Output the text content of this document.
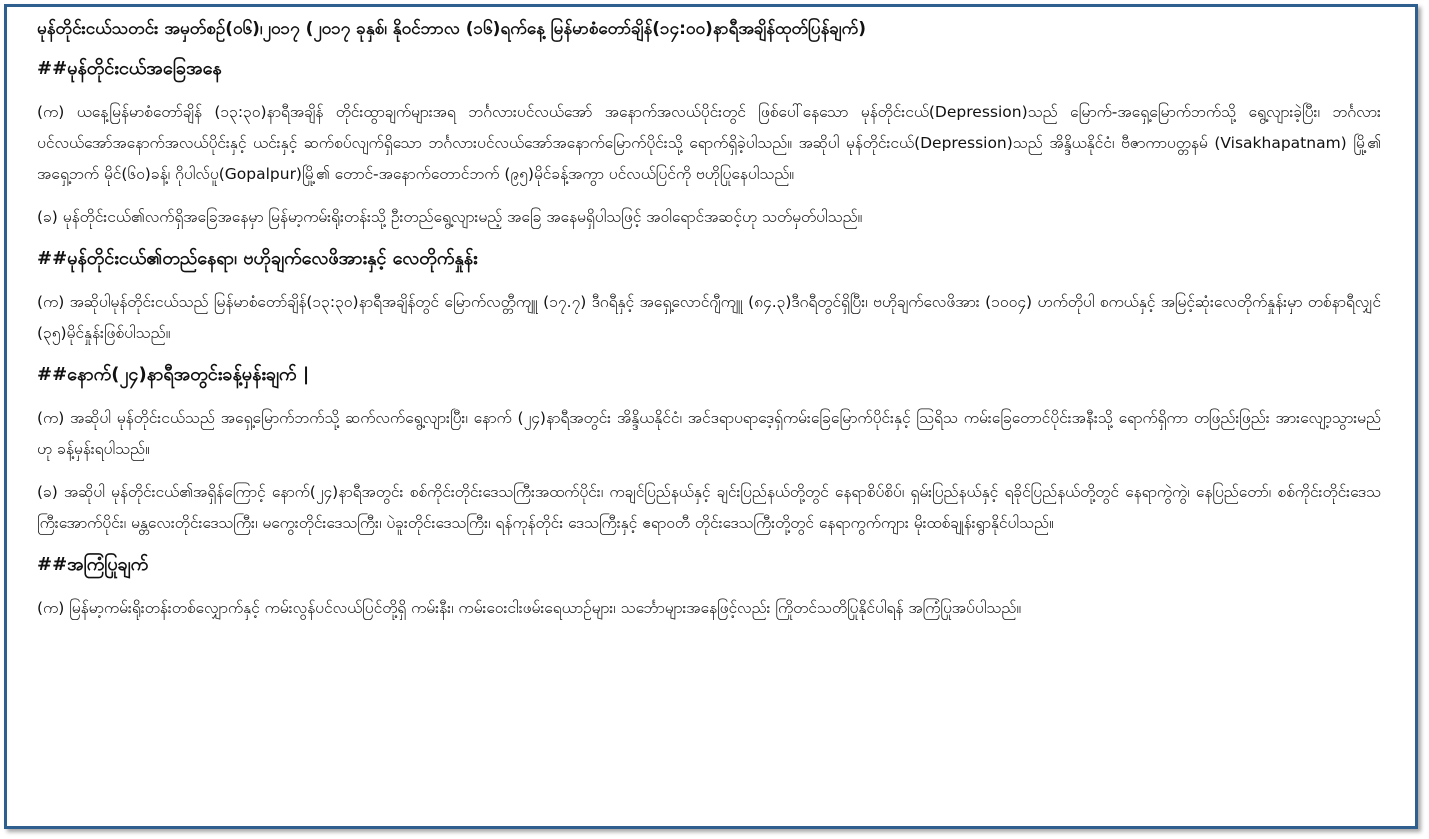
မုန်တိုင်းငယ်သတင်း အမှတ်စဉ်(၀၆)၊၂၀၁၇ (၂၀၁၇ ခုနှစ်၊ နိုဝင်ဘာလ (၁၆)ရက်နေ့ မြန်မာစံတော်ချိန်(၁၄:၀၀)နာရီအချိန်ထုတ်ပြန်ချက်)
##မုန်တိုင်းငယ်အခြေအနေ

(က) ယနေ့မြန်မာစံတော်ချိန် (၁၃:၃၀)နာရီအချိန် တိုင်းထွာချက်များအရ ဘင်္ဂလားပင်လယ်အော် အနောက်အလယ်ပိုင်းတွင် ဖြစ်ပေါ်နေသော မုန်တိုင်းငယ်(Depression)သည် မြောက်-အရှေ့မြောက်ဘက်သို့ ရွေ့လျားခဲ့ပြီး၊ ဘင်္ဂလားပင်လယ်အော်အနောက်အလယ်ပိုင်းနှင့် ယင်းနှင့် ဆက်စပ်လျက်ရှိသော ဘင်္ဂလားပင်လယ်အော်အနောက်မြောက်ပိုင်းသို့ ရောက်ရှိခဲ့ပါသည်။ အဆိုပါ မုန်တိုင်းငယ်(Depression)သည် အိန္ဒိယနိုင်ငံ၊ ဗီဇာကာပတ္တနမ် (Visakhapatnam) မြို့၏ အရှေ့ဘက် မိုင်(၆၀)ခန့်၊ ဂိုပါလ်ပူ(Gopalpur)မြို့၏ တောင်-အနောက်တောင်ဘက် (၉၅)မိုင်ခန့်အကွာ ပင်လယ်ပြင်ကို ဗဟိုပြုနေပါသည်။

(ခ) မုန်တိုင်းငယ်၏လက်ရှိအခြေအနေမှာ မြန်မာ့ကမ်းရိုးတန်းသို့ ဦးတည်ရွေ့လျားမည့် အခြေ အနေမရှိပါသဖြင့် အဝါရောင်အဆင့်ဟု သတ်မှတ်ပါသည်။

##မုန်တိုင်းငယ်၏တည်နေရာ၊ ဗဟိုချက်လေဖိအားနှင့် လေတိုက်နှုန်း

(က) အဆိုပါမုန်တိုင်းငယ်သည် မြန်မာစံတော်ချိန်(၁၃:၃၀)နာရီအချိန်တွင် မြောက်လတ္တီကျူ (၁၇.၇) ဒီဂရီနှင့် အရှေ့လောင်ဂျီကျူ (၈၄.၃)ဒီဂရီတွင်ရှိပြီး၊ ဗဟိုချက်လေဖိအား (၁၀၀၄) ဟက်တိုပါ စကယ်နှင့် အမြင့်ဆုံးလေတိုက်နှုန်းမှာ တစ်နာရီလျှင် (၃၅)မိုင်နှုန်းဖြစ်ပါသည်။

##နောက်(၂၄)နာရီအတွင်းခန့်မှန်းချက် |

(က) အဆိုပါ မုန်တိုင်းငယ်သည် အရှေ့မြောက်ဘက်သို့ ဆက်လက်ရွေ့လျားပြီး၊ နောက် (၂၄)နာရီအတွင်း အိန္ဒိယနိုင်ငံ၊ အင်ဒရာပရာဒေ့ရှ်ကမ်းခြေမြောက်ပိုင်းနှင့် သြရိသ ကမ်းခြေတောင်ပိုင်းအနီးသို့ ရောက်ရှိကာ တဖြည်းဖြည်း အားလျော့သွားမည်ဟု ခန့်မှန်းရပါသည်။

(ခ) အဆိုပါ မုန်တိုင်းငယ်၏အရှိန်ကြောင့် နောက်(၂၄)နာရီအတွင်း စစ်ကိုင်းတိုင်းဒေသကြီးအထက်ပိုင်း၊ ကချင်ပြည်နယ်နှင့် ချင်းပြည်နယ်တို့တွင် နေရာစိပ်စိပ်၊ ရှမ်းပြည်နယ်နှင့် ရခိုင်ပြည်နယ်တို့တွင် နေရာကွဲကွဲ၊ နေပြည်တော်၊ စစ်ကိုင်းတိုင်းဒေသကြီးအောက်ပိုင်း၊ မန္တလေးတိုင်းဒေသကြီး၊ မကွေးတိုင်းဒေသကြီး၊ ပဲခူးတိုင်းဒေသကြီး၊ ရန်ကုန်တိုင်း ဒေသကြီးနှင့် ဧရာဝတီ တိုင်းဒေသကြီးတို့တွင် နေရာကွက်ကျား မိုးထစ်ချုန်းရွာနိုင်ပါသည်။

##အကြံပြုချက်

(က) မြန်မာ့ကမ်းရိုးတန်းတစ်လျှောက်နှင့် ကမ်းလွန်ပင်လယ်ပြင်တို့ရှိ ကမ်းနီး၊ ကမ်းဝေးငါးဖမ်းရေယာဉ်များ၊ သင်္ဘောများအနေဖြင့်လည်း ကြိုတင်သတိပြုနိုင်ပါရန် အကြံပြုအပ်ပါသည်။
